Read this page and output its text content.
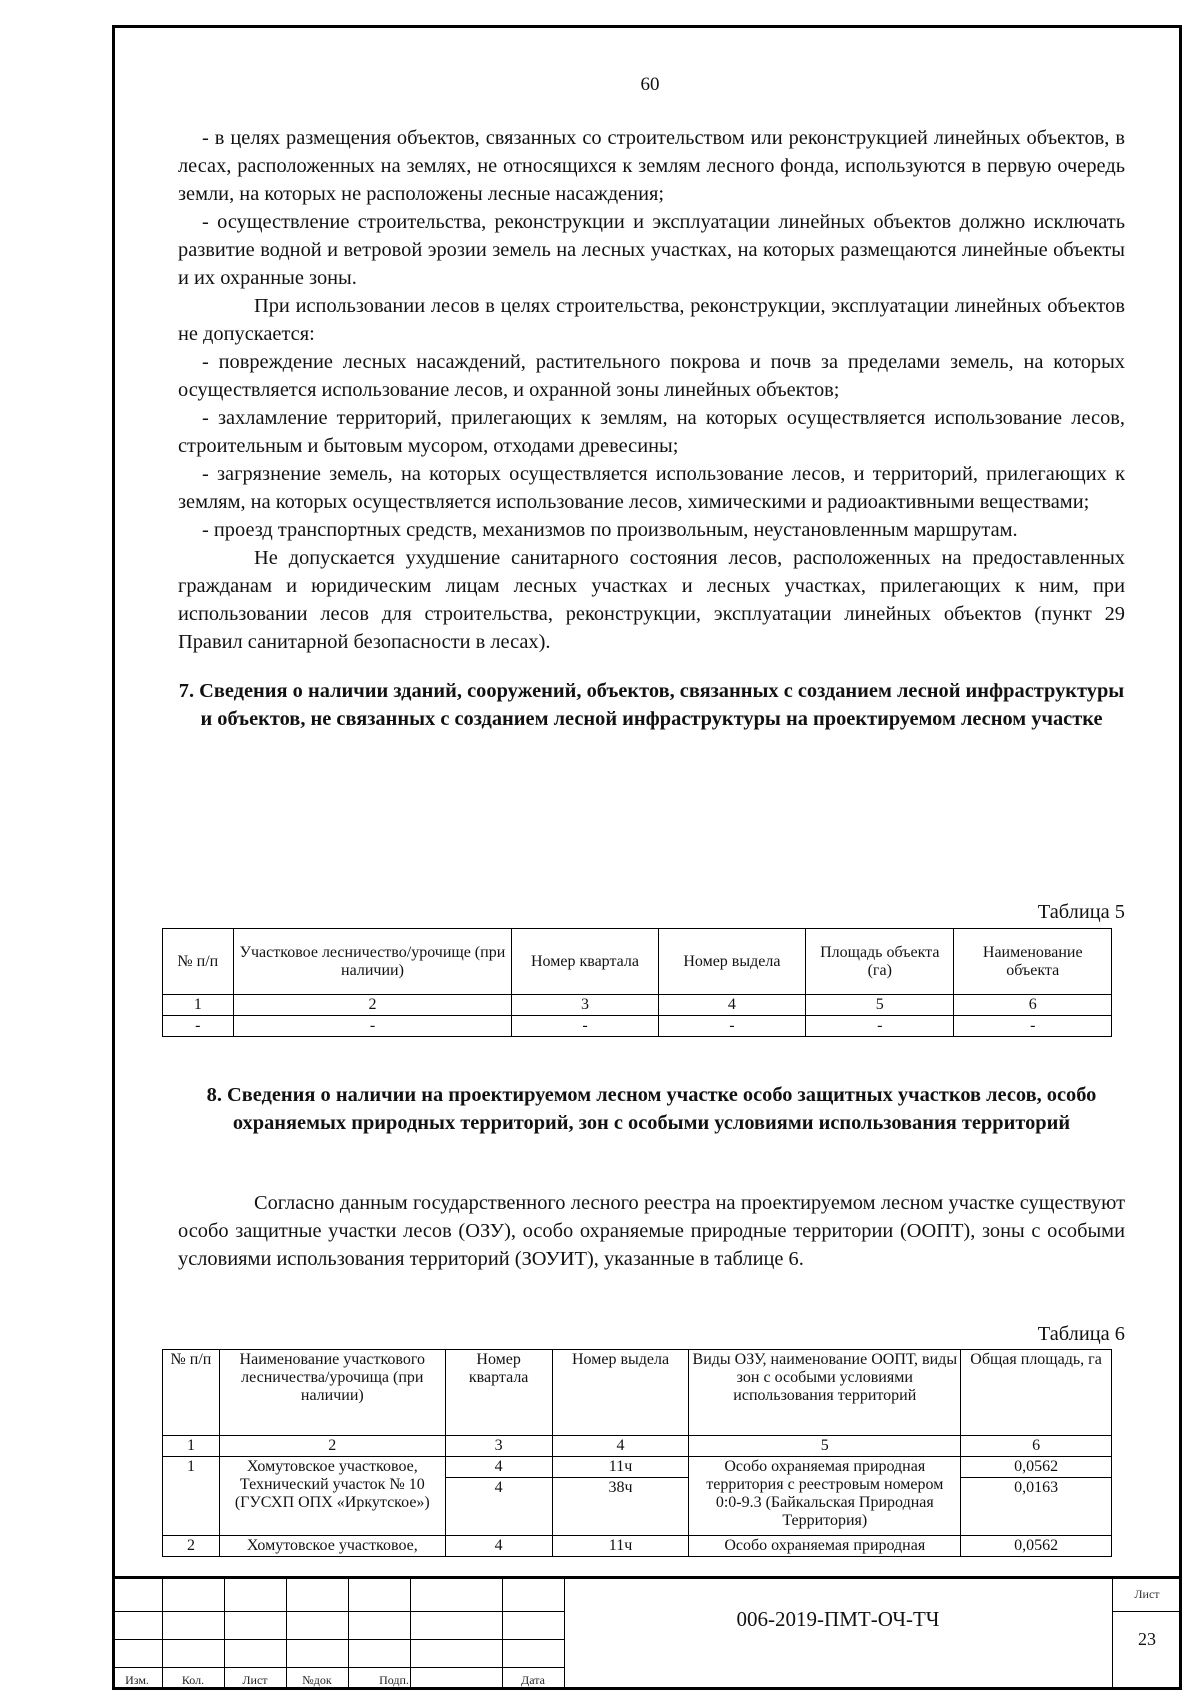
60

- в целях размещения объектов, связанных со строительством или реконструкцией линейных объектов, в лесах, расположенных на землях, не относящихся к землям лесного фонда, используются в первую очередь земли, на которых не расположены лесные насаждения;

- осуществление строительства, реконструкции и эксплуатации линейных объектов должно исключать развитие водной и ветровой эрозии земель на лесных участках, на которых размещаются линейные объекты и их охранные зоны.

При использовании лесов в целях строительства, реконструкции, эксплуатации линейных объектов не допускается:

- повреждение лесных насаждений, растительного покрова и почв за пределами земель, на которых осуществляется использование лесов, и охранной зоны линейных объектов;

- захламление территорий, прилегающих к землям, на которых осуществляется использование лесов, строительным и бытовым мусором, отходами древесины;

- загрязнение земель, на которых осуществляется использование лесов, и территорий, прилегающих к землям, на которых осуществляется использование лесов, химическими и радиоактивными веществами;

- проезд транспортных средств, механизмов по произвольным, неустановленным маршрутам.

Не допускается ухудшение санитарного состояния лесов, расположенных на предоставленных гражданам и юридическим лицам лесных участках и лесных участках, прилегающих к ним, при использовании лесов для строительства, реконструкции, эксплуатации линейных объектов (пункт 29 Правил санитарной безопасности в лесах).

7. Сведения о наличии зданий, сооружений, объектов, связанных с созданием лесной инфраструктуры и объектов, не связанных с созданием лесной инфраструктуры на проектируемом лесном участке
Таблица 5
№ п/п	Участковое лесничество/урочище (при наличии)	Номер квартала	Номер выдела	Площадь объекта (га)	Наименование объекта
1	2	3	4	5	6
-	-	-	-	-	-
8. Сведения о наличии на проектируемом лесном участке особо защитных участков лесов, особо охраняемых природных территорий, зон с особыми условиями использования территорий

Согласно данным государственного лесного реестра на проектируемом лесном участке существуют особо защитные участки лесов (ОЗУ), особо охраняемые природные территории (ООПТ), зоны с особыми условиями использования территорий (ЗОУИТ), указанные в таблице 6.

Таблица 6
№ п/п	Наименование участкового лесничества/урочища (при наличии)	Номер квартала	Номер выдела	Виды ОЗУ, наименование ООПТ, виды зон с особыми условиями использования территорий	Общая площадь, га
1	2	3	4	5	6
1	Хомутовское участковое, Технический участок № 10 (ГУСХП ОПХ «Иркутское»)	4	11ч	Особо охраняемая природная территория с реестровым номером 0:0-9.3 (Байкальская Природная Территория)	0,0562
		4	38ч		0,0163
2	Хомутовское участковое,	4	11ч	Особо охраняемая природная	0,0562
Изм.	Кол.	Лист	№док	Подп.	Дата
006-2019-ПМТ-ОЧ-ТЧ
Лист
23
